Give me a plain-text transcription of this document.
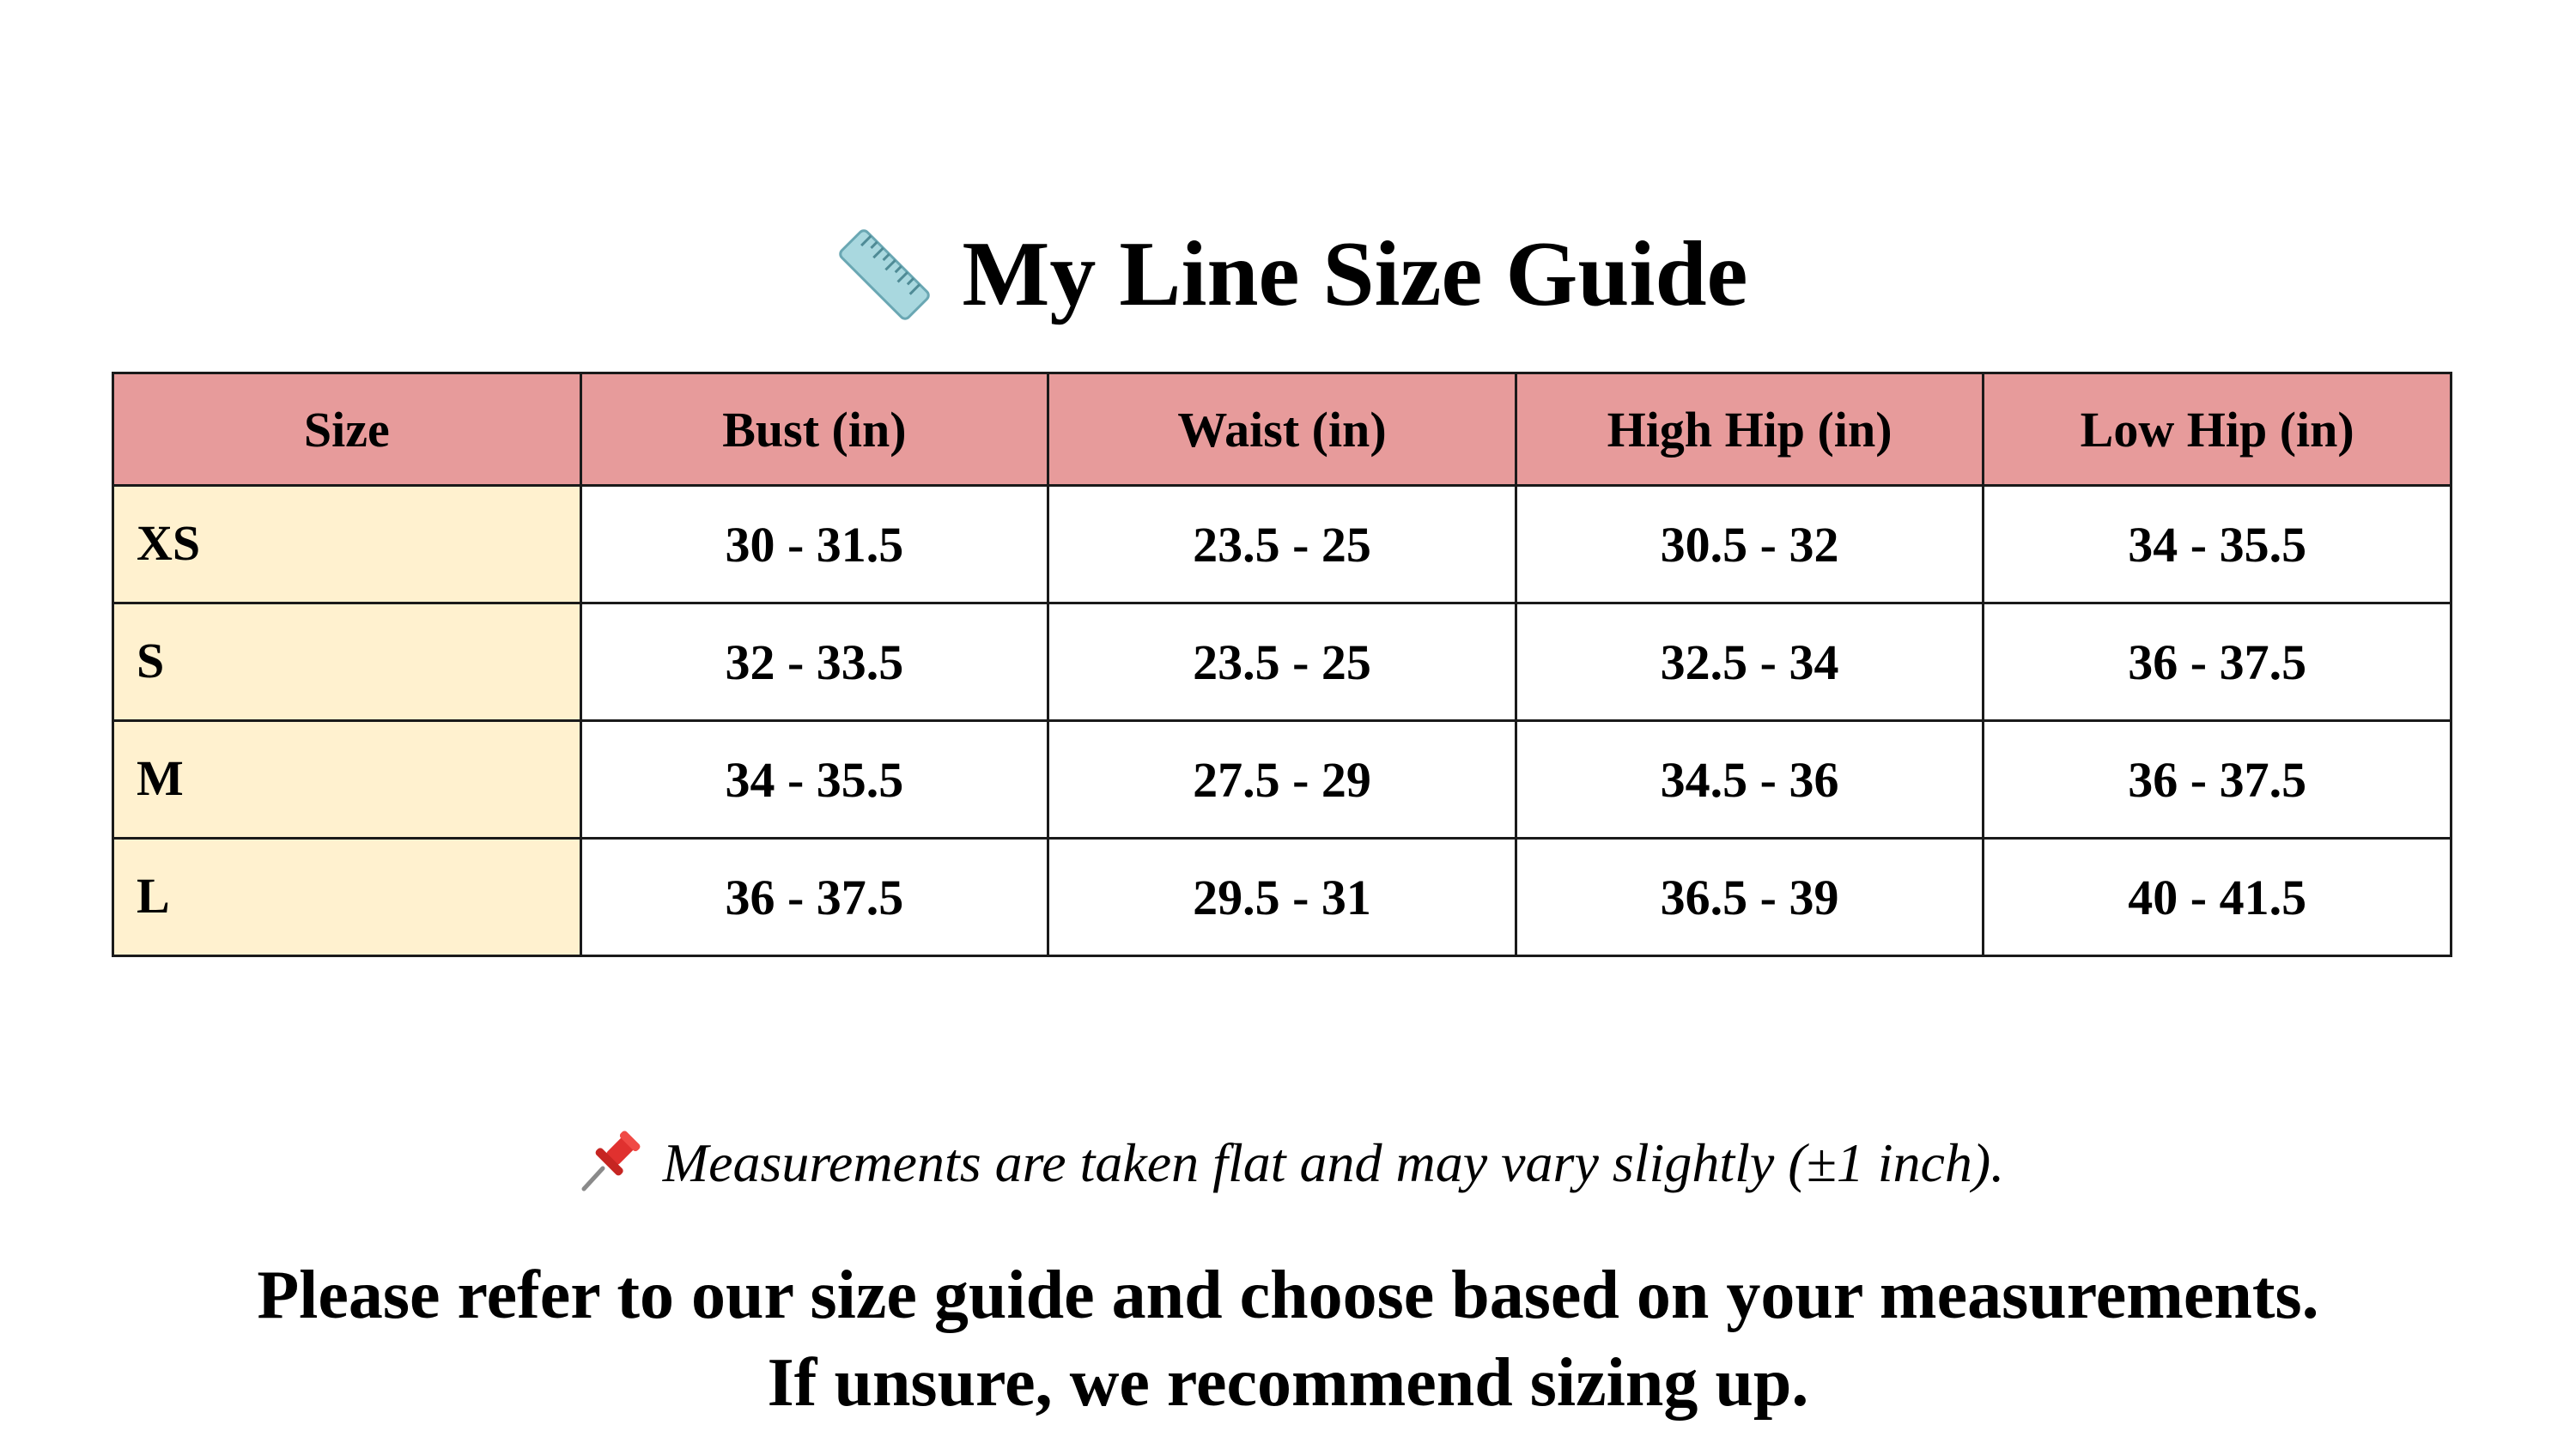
My Line Size Guide
Size	Bust (in)	Waist (in)	High Hip (in)	Low Hip (in)
XS	30 - 31.5	23.5 - 25	30.5 - 32	34 - 35.5
S	32 - 33.5	23.5 - 25	32.5 - 34	36 - 37.5
M	34 - 35.5	27.5 - 29	34.5 - 36	36 - 37.5
L	36 - 37.5	29.5 - 31	36.5 - 39	40 - 41.5
Measurements are taken flat and may vary slightly (±1 inch).
Please refer to our size guide and choose based on your measurements.
If unsure, we recommend sizing up.
